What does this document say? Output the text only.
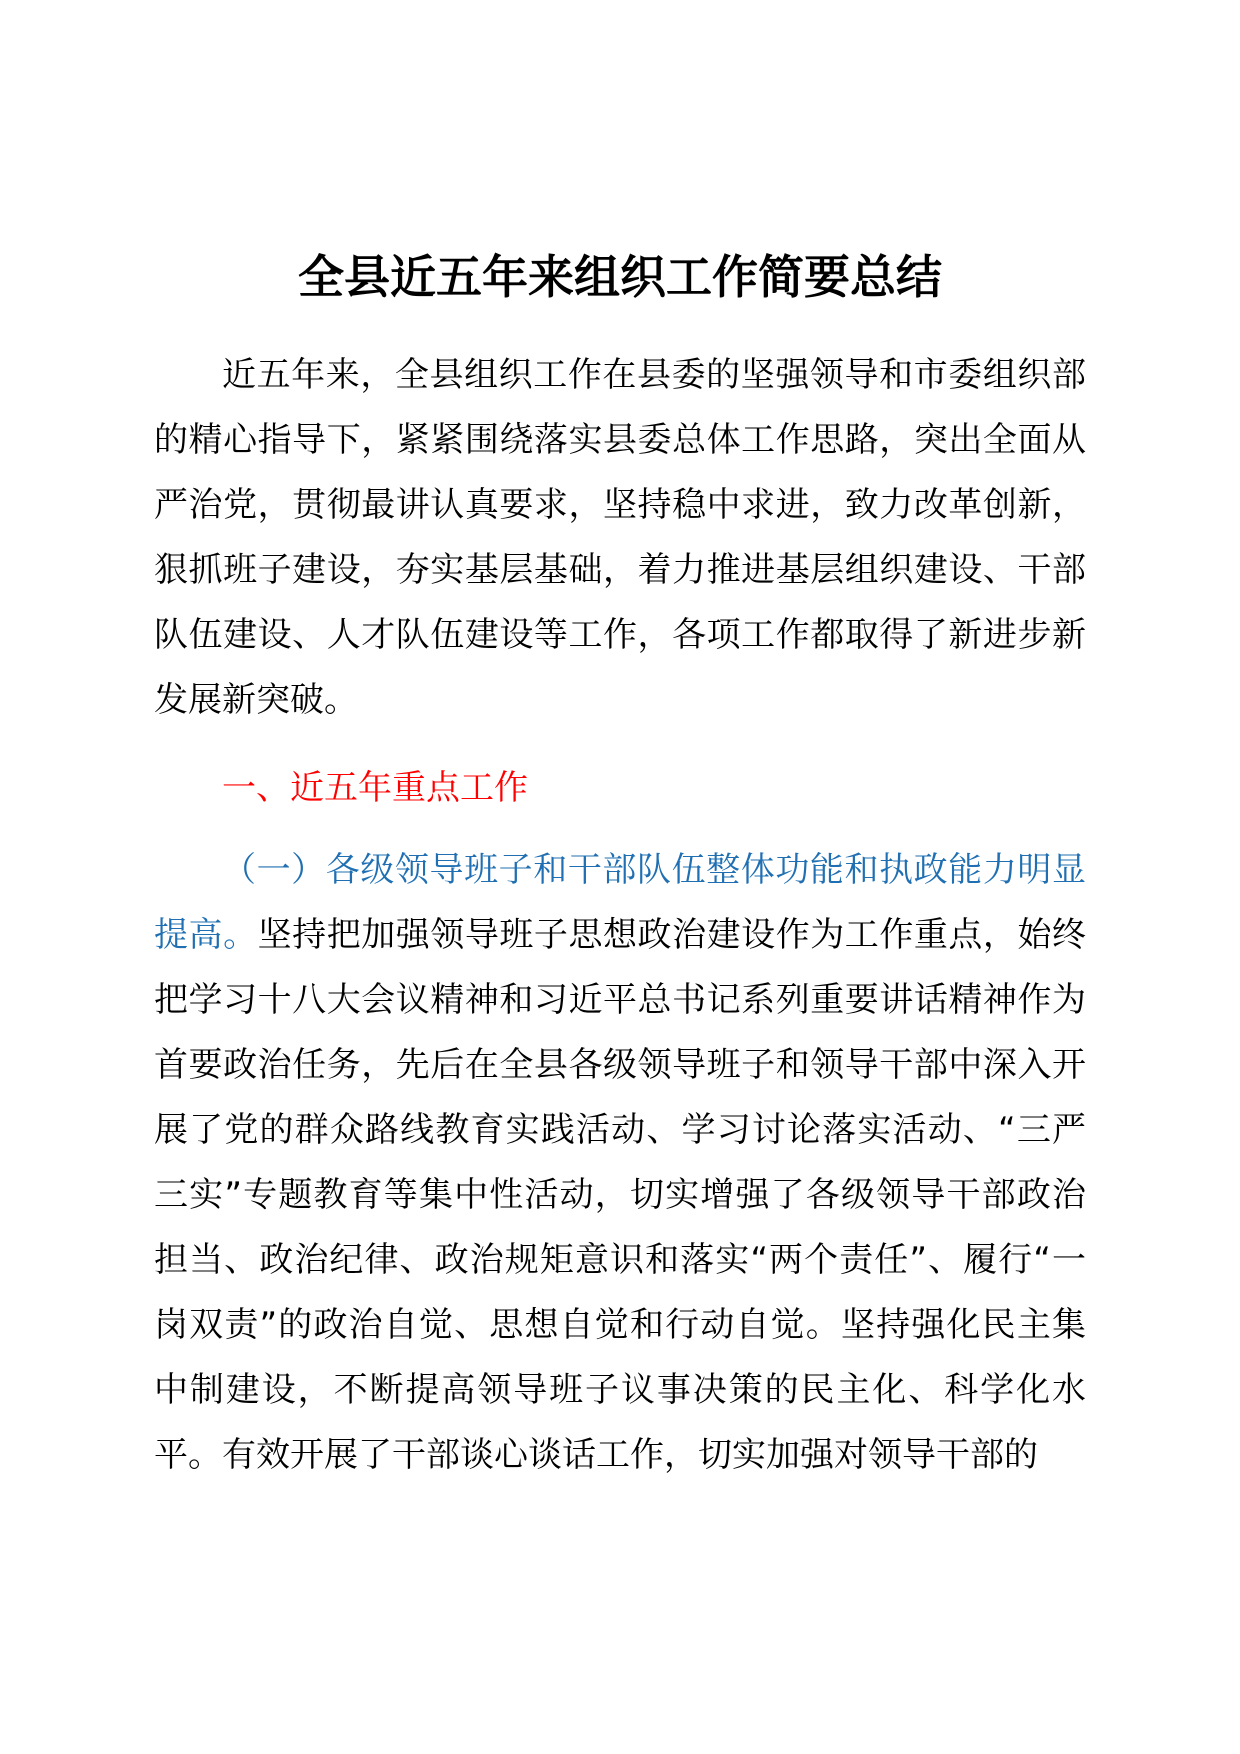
全县近五年来组织工作简要总结

近五年来，全县组织工作在县委的坚强领导和市委组织部的精心指导下，紧紧围绕落实县委总体工作思路，突出全面从严治党，贯彻最讲认真要求，坚持稳中求进，致力改革创新，狠抓班子建设，夯实基层基础，着力推进基层组织建设、干部队伍建设、人才队伍建设等工作，各项工作都取得了新进步新发展新突破。

一、近五年重点工作

（一）各级领导班子和干部队伍整体功能和执政能力明显提高。坚持把加强领导班子思想政治建设作为工作重点，始终把学习十八大会议精神和习近平总书记系列重要讲话精神作为首要政治任务，先后在全县各级领导班子和领导干部中深入开展了党的群众路线教育实践活动、学习讨论落实活动、“三严三实”专题教育等集中性活动，切实增强了各级领导干部政治担当、政治纪律、政治规矩意识和落实“两个责任”、履行“一岗双责”的政治自觉、思想自觉和行动自觉。坚持强化民主集中制建设，不断提高领导班子议事决策的民主化、科学化水平。有效开展了干部谈心谈话工作，切实加强对领导干部的
